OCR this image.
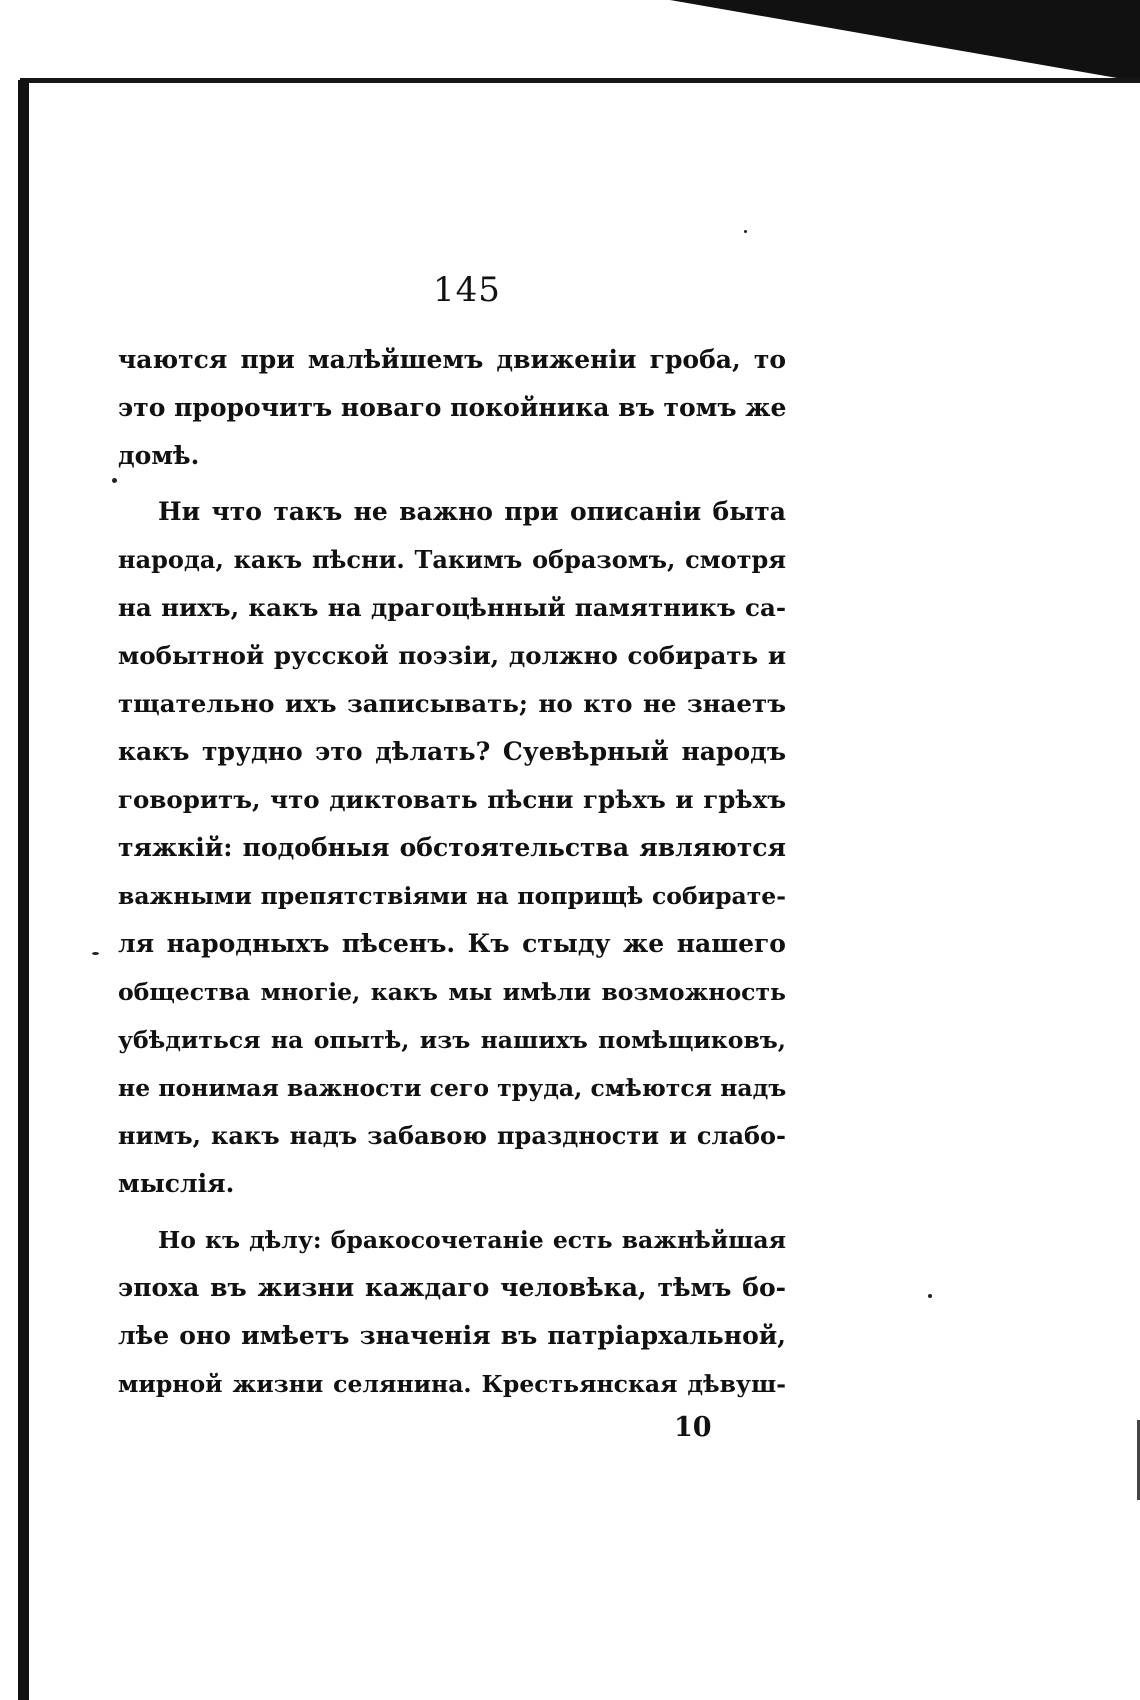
145
чаются при малѣйшемъ движеніи гроба, то
это пророчитъ новаго покойника въ томъ же
домѣ.
Ни что такъ не важно при описаніи быта
народа, какъ пѣсни. Такимъ образомъ, смотря
на нихъ, какъ на драгоцѣнный памятникъ са-
мобытной русской поэзіи, должно собирать и
тщательно ихъ записывать; но кто не знаетъ
какъ трудно это дѣлать? Суевѣрный народъ
говоритъ, что диктовать пѣсни грѣхъ и грѣхъ
тяжкій: подобныя обстоятельства являются
важными препятствіями на поприщѣ собирате-
ля народныхъ пѣсенъ. Къ стыду же нашего
общества многіе, какъ мы имѣли возможность
убѣдиться на опытѣ, изъ нашихъ помѣщиковъ,
не понимая важности сего труда, смѣются надъ
нимъ, какъ надъ забавою праздности и слабо-
мыслія.
Но къ дѣлу: бракосочетаніе есть важнѣйшая
эпоха въ жизни каждаго человѣка, тѣмъ бо-
лѣе оно имѣетъ значенія въ патріархальной,
мирной жизни селянина. Крестьянская дѣвуш-
10
